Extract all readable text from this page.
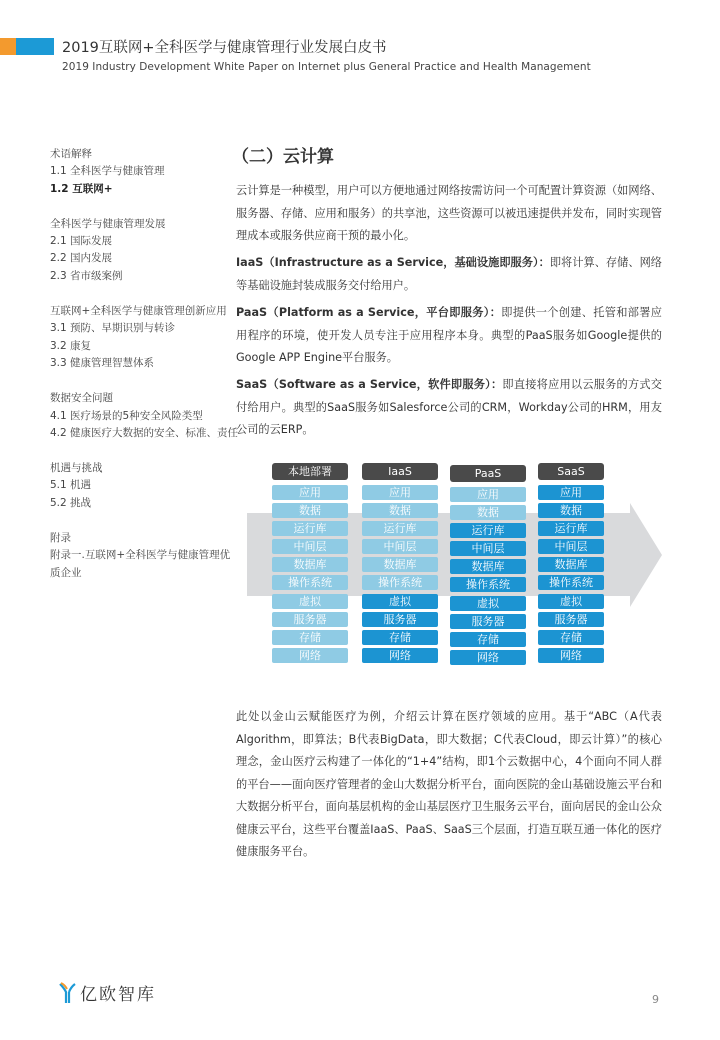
2019互联网+全科医学与健康管理行业发展白皮书
2019 Industry Development White Paper on Internet plus General Practice and Health Management
术语解释
1.1 全科医学与健康管理
1.2 互联网+
全科医学与健康管理发展
2.1 国际发展
2.2 国内发展
2.3 省市级案例
互联网+全科医学与健康管理创新应用
3.1 预防、早期识别与转诊
3.2 康复
3.3 健康管理智慧体系
数据安全问题
4.1 医疗场景的5种安全风险类型
4.2 健康医疗大数据的安全、标准、责任
机遇与挑战
5.1 机遇
5.2 挑战
附录
附录一.互联网+全科医学与健康管理优质企业
（二）云计算
云计算是一种模型，用户可以方便地通过网络按需访问一个可配置计算资源（如网络、服务器、存储、应用和服务）的共享池，这些资源可以被迅速提供并发布，同时实现管理成本或服务供应商干预的最小化。
IaaS（Infrastructure as a Service，基础设施即服务）：即将计算、存储、网络等基础设施封装成服务交付给用户。
PaaS（Platform as a Service，平台即服务）：即提供一个创建、托管和部署应用程序的环境，使开发人员专注于应用程序本身。典型的PaaS服务如Google提供的Google APP Engine平台服务。
SaaS（Software as a Service，软件即服务）：即直接将应用以云服务的方式交付给用户。典型的SaaS服务如Salesforce公司的CRM，Workday公司的HRM，用友公司的云ERP。
本地部署
应用
数据
运行库
中间层
数据库
操作系统
虚拟
服务器
存储
网络
IaaS
应用
数据
运行库
中间层
数据库
操作系统
虚拟
服务器
存储
网络
PaaS
应用
数据
运行库
中间层
数据库
操作系统
虚拟
服务器
存储
网络
SaaS
应用
数据
运行库
中间层
数据库
操作系统
虚拟
服务器
存储
网络
此处以金山云赋能医疗为例，介绍云计算在医疗领域的应用。基于“ABC（A代表Algorithm，即算法；B代表BigData，即大数据；C代表Cloud，即云计算）”的核心理念，金山医疗云构建了一体化的“1+4”结构，即1个云数据中心，4个面向不同人群的平台——面向医疗管理者的金山大数据分析平台，面向医院的金山基础设施云平台和大数据分析平台，面向基层机构的金山基层医疗卫生服务云平台，面向居民的金山公众健康云平台，这些平台覆盖IaaS、PaaS、SaaS三个层面，打造互联互通一体化的医疗健康服务平台。
亿欧智库	9
